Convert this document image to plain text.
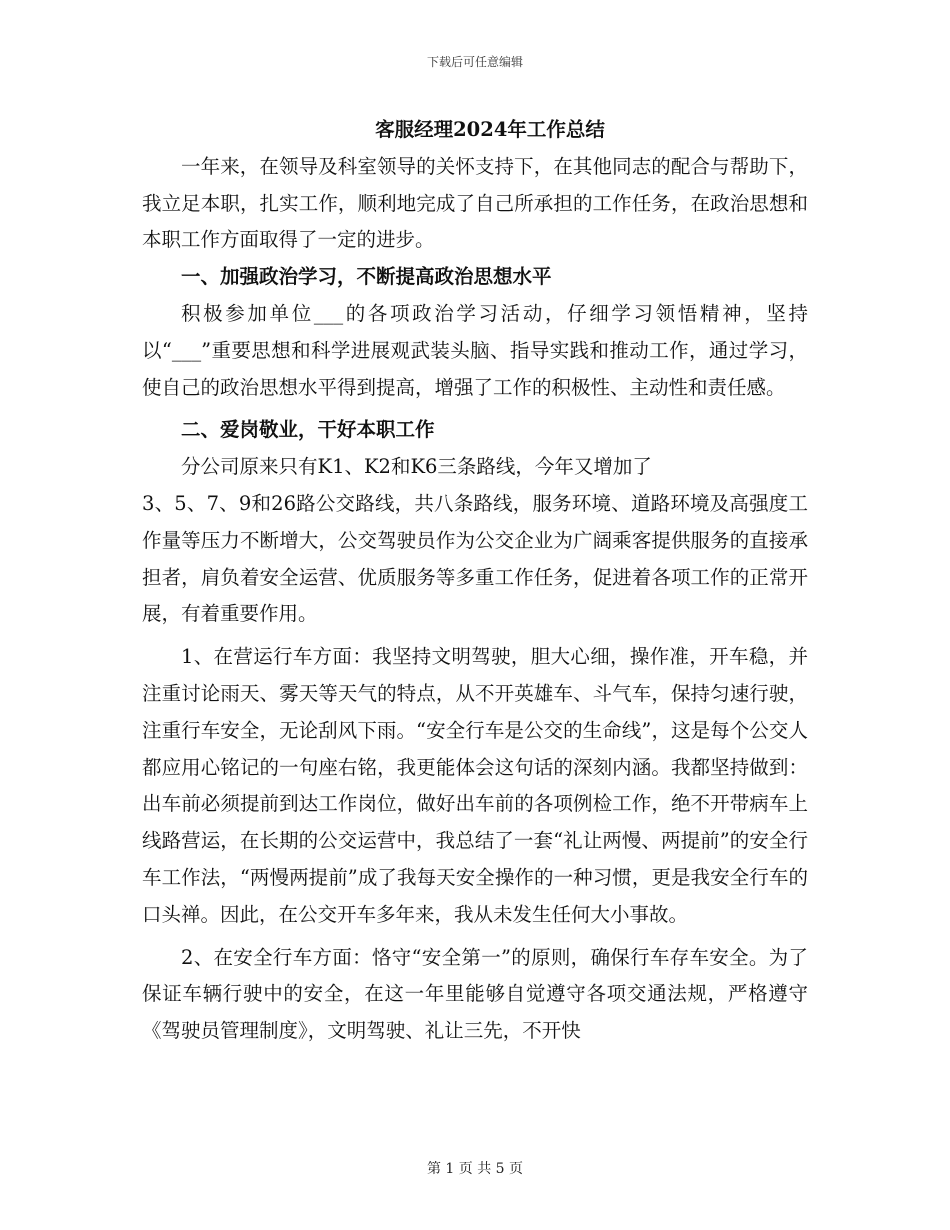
下载后可任意编辑
客服经理2024年工作总结

一年来，在领导及科室领导的关怀支持下，在其他同志的配合与帮助下，我立足本职，扎实工作，顺利地完成了自己所承担的工作任务，在政治思想和本职工作方面取得了一定的进步。

一、加强政治学习，不断提高政治思想水平

积极参加单位___的各项政治学习活动，仔细学习领悟精神，坚持以“___”重要思想和科学进展观武装头脑、指导实践和推动工作，通过学习，使自己的政治思想水平得到提高，增强了工作的积极性、主动性和责任感。

二、爱岗敬业，干好本职工作

分公司原来只有K1、K2和K6三条路线，今年又增加了

3、5、7、9和26路公交路线，共八条路线，服务环境、道路环境及高强度工作量等压力不断增大，公交驾驶员作为公交企业为广阔乘客提供服务的直接承担者，肩负着安全运营、优质服务等多重工作任务，促进着各项工作的正常开展，有着重要作用。

1、在营运行车方面：我坚持文明驾驶，胆大心细，操作准，开车稳，并注重讨论雨天、雾天等天气的特点，从不开英雄车、斗气车，保持匀速行驶，注重行车安全，无论刮风下雨。“安全行车是公交的生命线”，这是每个公交人都应用心铭记的一句座右铭，我更能体会这句话的深刻内涵。我都坚持做到：出车前必须提前到达工作岗位，做好出车前的各项例检工作，绝不开带病车上线路营运，在长期的公交运营中，我总结了一套“礼让两慢、两提前”的安全行车工作法，“两慢两提前”成了我每天安全操作的一种习惯，更是我安全行车的口头禅。因此，在公交开车多年来，我从未发生任何大小事故。

2、在安全行车方面：恪守“安全第一”的原则，确保行车存车安全。为了保证车辆行驶中的安全，在这一年里能够自觉遵守各项交通法规，严格遵守《驾驶员管理制度》，文明驾驶、礼让三先，不开快

第 1 页 共 5 页
